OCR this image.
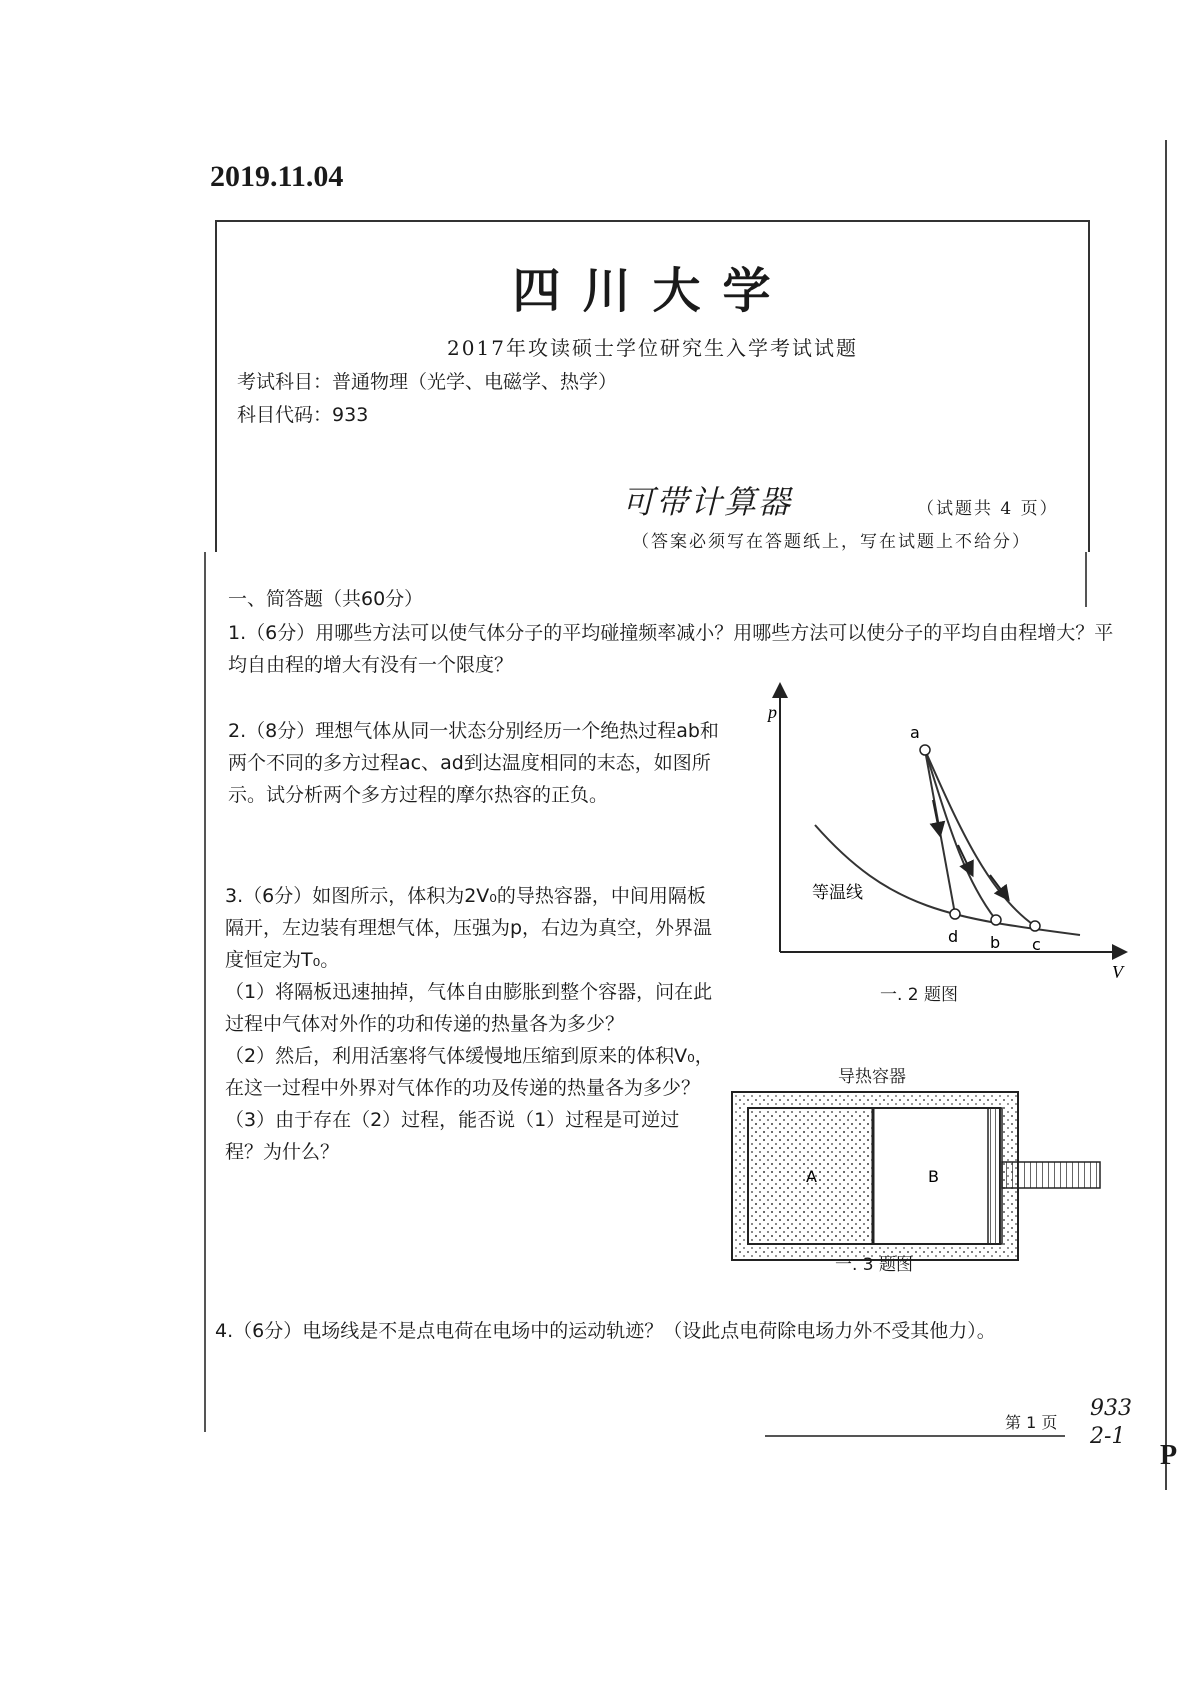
2019.11.04
四川大学
2017年攻读硕士学位研究生入学考试试题
考试科目：普通物理（光学、电磁学、热学）
科目代码：933
可带计算器	（试题共 4 页）
（答案必须写在答题纸上，写在试题上不给分）
一、简答题（共60分）
1.（6分）用哪些方法可以使气体分子的平均碰撞频率减小？用哪些方法可以使分子的平均自由程增大？平均自由程的增大有没有一个限度？
2.（8分）理想气体从同一状态分别经历一个绝热过程ab和两个不同的多方过程ac、ad到达温度相同的末态，如图所示。试分析两个多方过程的摩尔热容的正负。
3.（6分）如图所示，体积为2V₀的导热容器，中间用隔板隔开，左边装有理想气体，压强为p，右边为真空，外界温度恒定为T₀。
（1）将隔板迅速抽掉，气体自由膨胀到整个容器，问在此过程中气体对外作的功和传递的热量各为多少？
（2）然后，利用活塞将气体缓慢地压缩到原来的体积V₀，在这一过程中外界对气体作的功及传递的热量各为多少？
（3）由于存在（2）过程，能否说（1）过程是可逆过程？为什么？
4.（6分）电场线是不是点电荷在电场中的运动轨迹？（设此点电荷除电场力外不受其他力）。
p
V
a
d b c
等温线
一. 2 题图
导热容器
A	B
一. 3 题图
第 1 页
933
2-1
P
